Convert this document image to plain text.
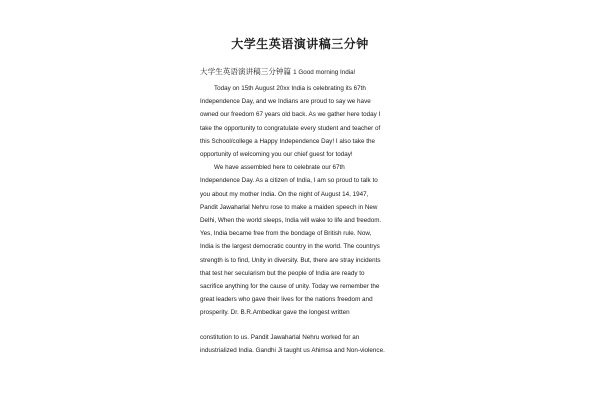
大学生英语演讲稿三分钟
大学生英语演讲稿三分钟篇 1 Good morning India!

Today on 15th August 20xx India is celebrating its 67th
Independence Day, and we Indians are proud to say we have
owned our freedom 67 years old back. As we gather here today I
take the opportunity to congratulate every student and teacher of
this School/college a Happy Independence Day! I also take the
opportunity of welcoming you our chief guest for today!

We have assembled here to celebrate our 67th
Independence Day. As a citizen of India, I am so proud to talk to
you about my mother India. On the night of August 14, 1947,
Pandit Jawaharlal Nehru rose to make a maiden speech in New
Delhi, When the world sleeps, India will wake to life and freedom.
Yes, India became free from the bondage of British rule. Now,
India is the largest democratic country in the world. The countrys
strength is to find, Unity in diversity. But, there are stray incidents
that test her secularism but the people of India are ready to
sacrifice anything for the cause of unity. Today we remember the
great leaders who gave their lives for the nations freedom and
prosperity. Dr. B.R.Ambedkar gave the longest written

constitution to us. Pandit Jawaharlal Nehru worked for an
industrialized India. Gandhi Ji taught us Ahimsa and Non-violence.
